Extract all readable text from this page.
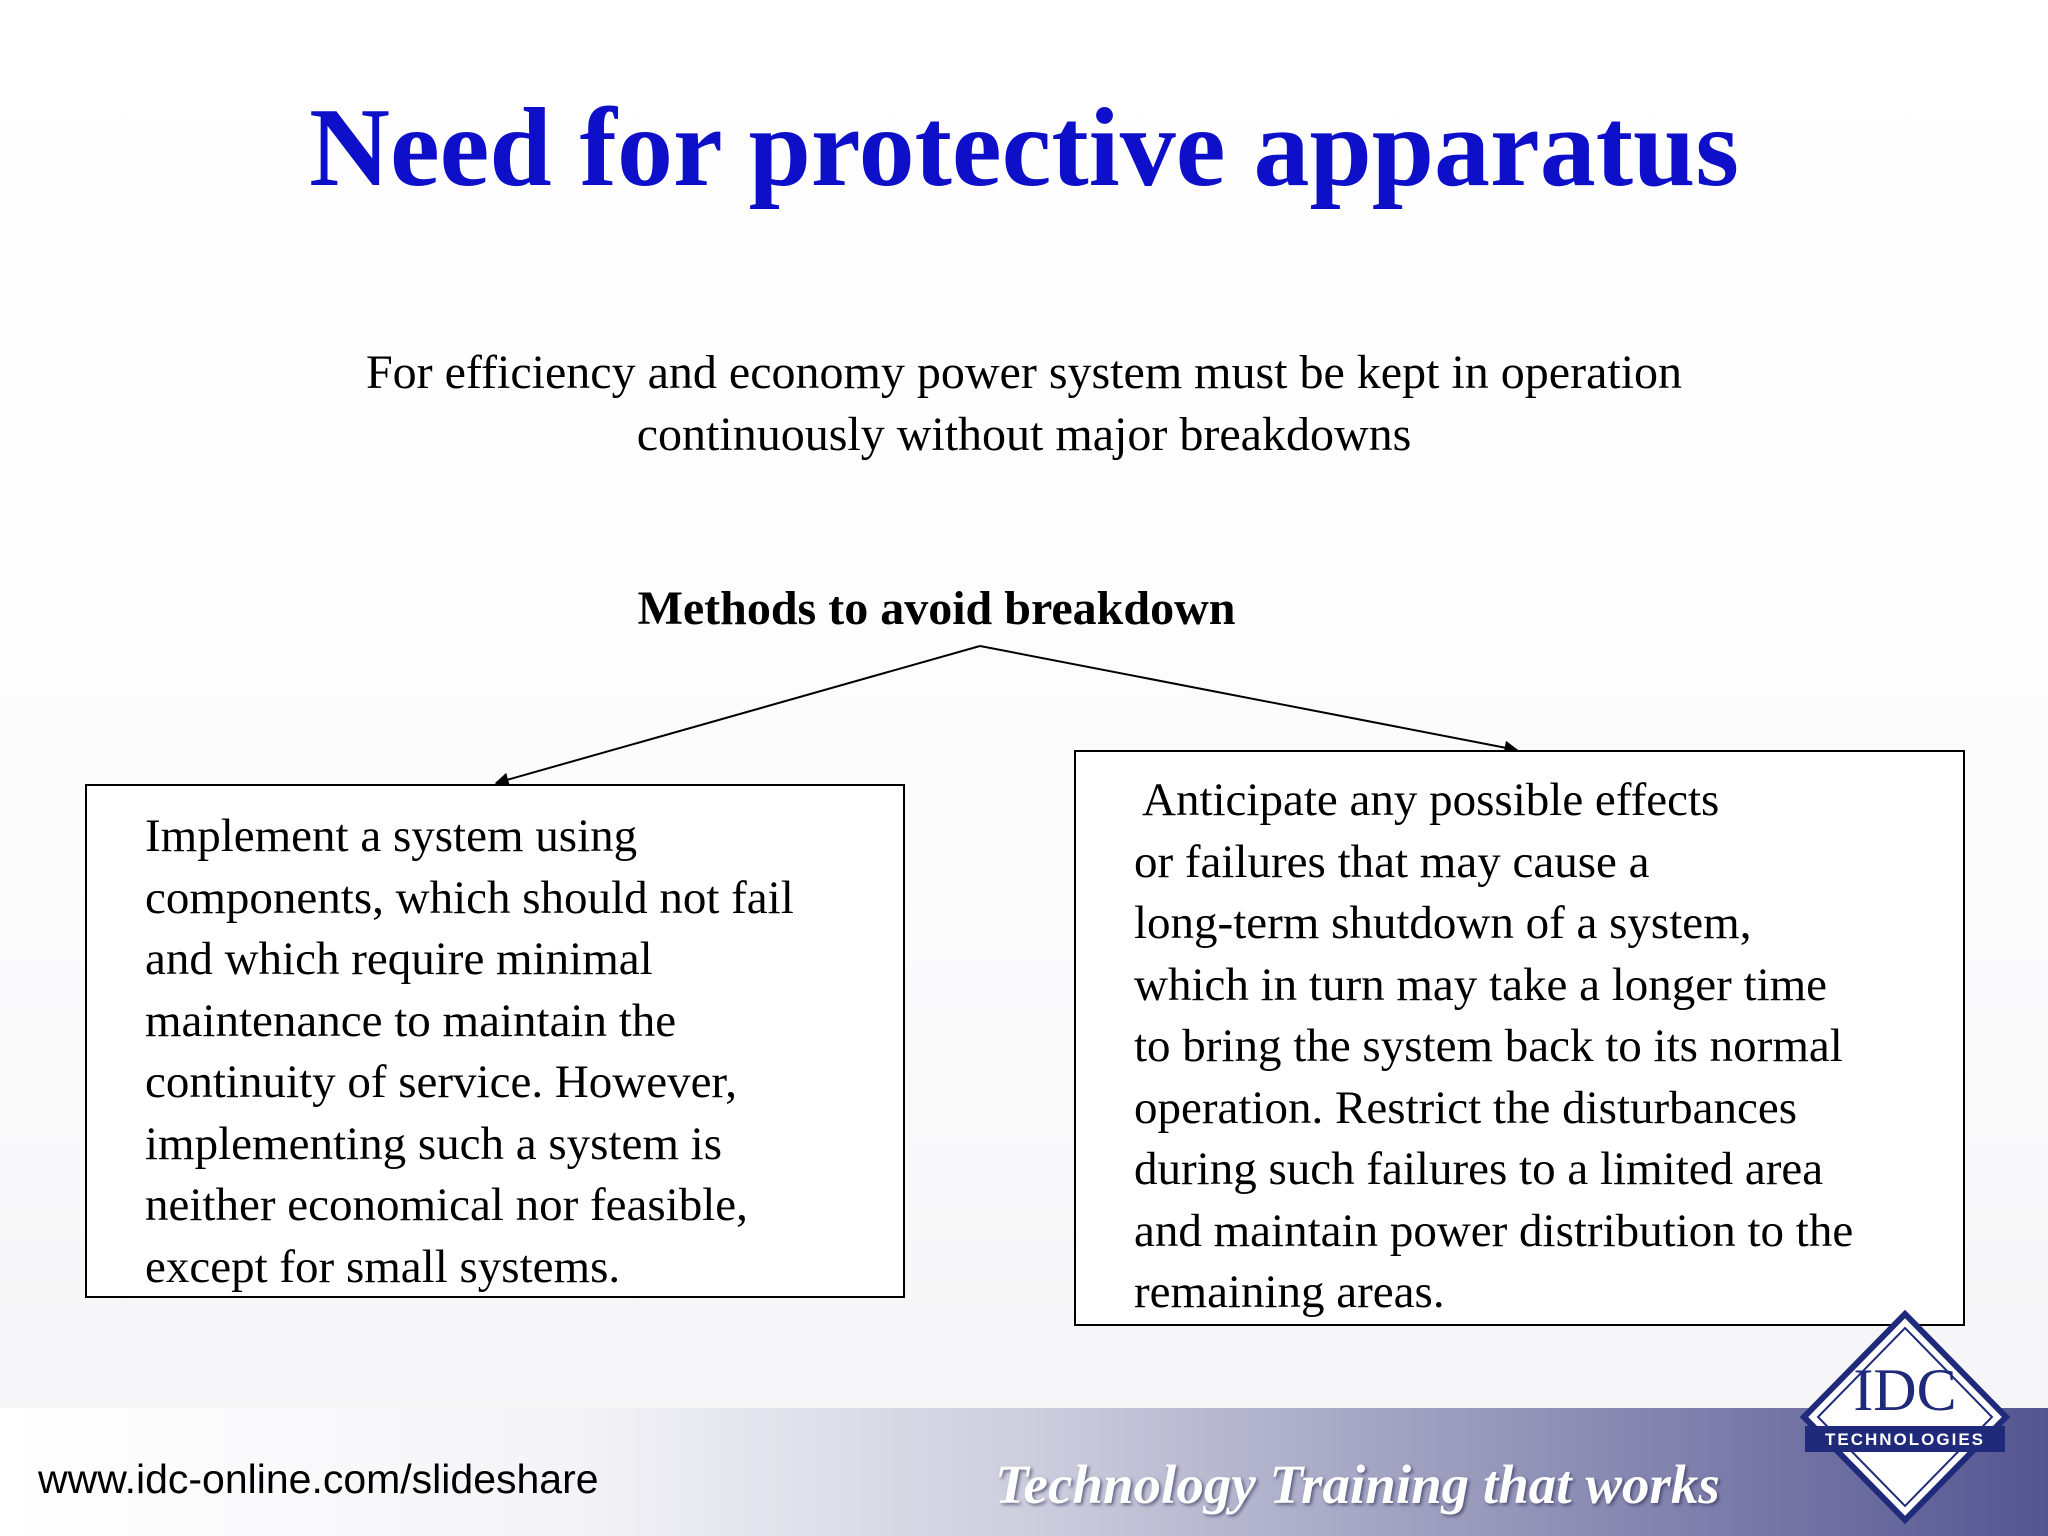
Need for protective apparatus
For efficiency and economy power system must be kept in operation
continuously without major breakdowns
Methods to avoid breakdown
Implement a system using
components, which should not fail
and which require minimal
maintenance to maintain the
continuity of service. However,
implementing such a system is
neither economical nor feasible,
except for small systems.
Anticipate any possible effects
or failures that may cause a
long-term shutdown of a system,
which in turn may take a longer time
to bring the system back to its normal
operation. Restrict the disturbances
during such failures to a limited area
and maintain power distribution to the
remaining areas.
www.idc-online.com/slideshare	Technology Training that works
IDC
TECHNOLOGIES
